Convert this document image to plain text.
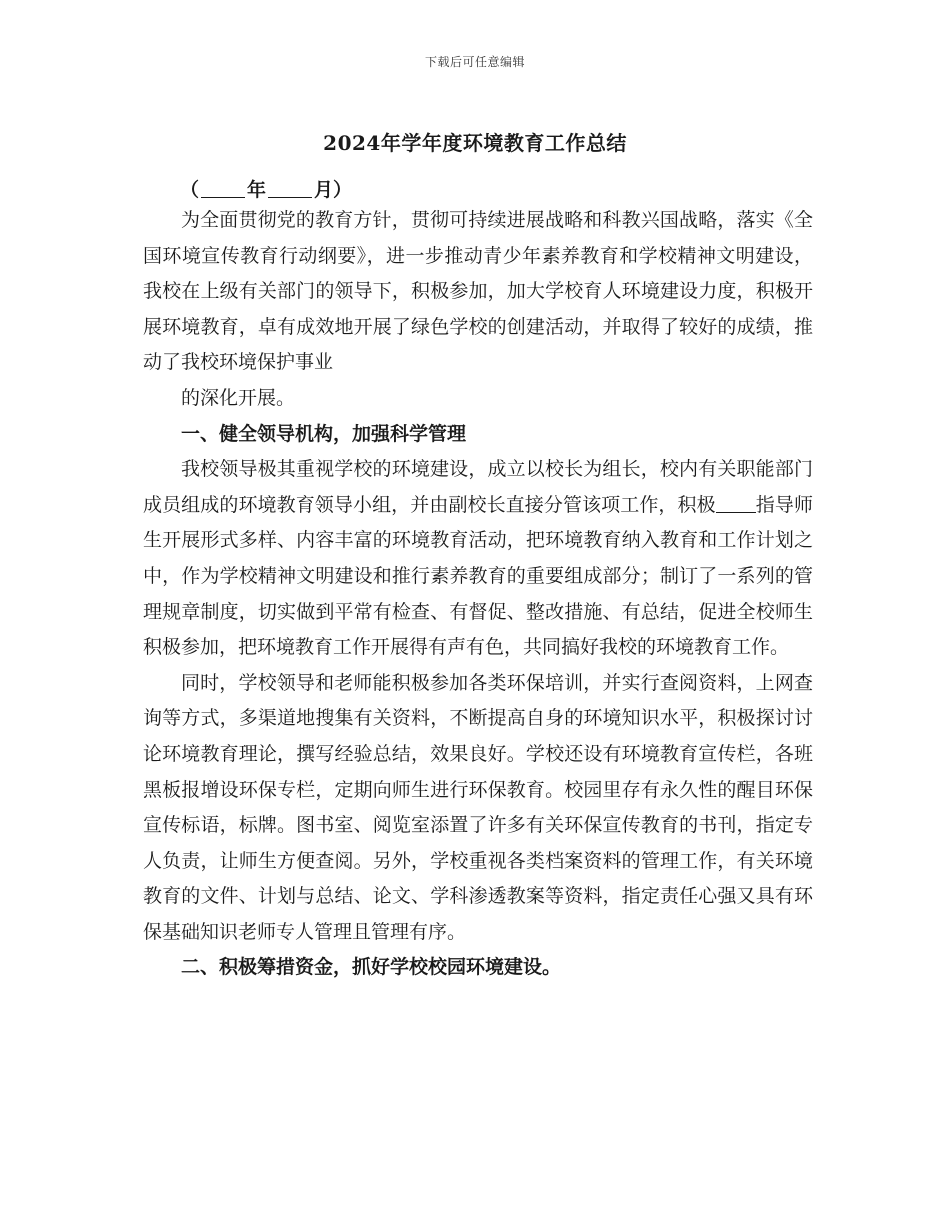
下载后可任意编辑
2024年学年度环境教育工作总结
（	年	月）

为全面贯彻党的教育方针，贯彻可持续进展战略和科教兴国战略，落实《全国环境宣传教育行动纲要》，进一步推动青少年素养教育和学校精神文明建设，我校在上级有关部门的领导下，积极参加，加大学校育人环境建设力度，积极开展环境教育，卓有成效地开展了绿色学校的创建活动，并取得了较好的成绩，推动了我校环境保护事业

的深化开展。

一、健全领导机构，加强科学管理

我校领导极其重视学校的环境建设，成立以校长为组长，校内有关职能部门成员组成的环境教育领导小组，并由副校长直接分管该项工作，积极 指导师生开展形式多样、内容丰富的环境教育活动，把环境教育纳入教育和工作计划之中，作为学校精神文明建设和推行素养教育的重要组成部分；制订了一系列的管理规章制度，切实做到平常有检查、有督促、整改措施、有总结，促进全校师生积极参加，把环境教育工作开展得有声有色，共同搞好我校的环境教育工作。

同时，学校领导和老师能积极参加各类环保培训，并实行查阅资料，上网查询等方式，多渠道地搜集有关资料，不断提高自身的环境知识水平，积极探讨讨论环境教育理论，撰写经验总结，效果良好。学校还设有环境教育宣传栏，各班黑板报增设环保专栏，定期向师生进行环保教育。校园里存有永久性的醒目环保宣传标语，标牌。图书室、阅览室添置了许多有关环保宣传教育的书刊，指定专人负责，让师生方便查阅。另外，学校重视各类档案资料的管理工作，有关环境教育的文件、计划与总结、论文、学科渗透教案等资料，指定责任心强又具有环保基础知识老师专人管理且管理有序。

二、积极筹措资金，抓好学校校园环境建设。
